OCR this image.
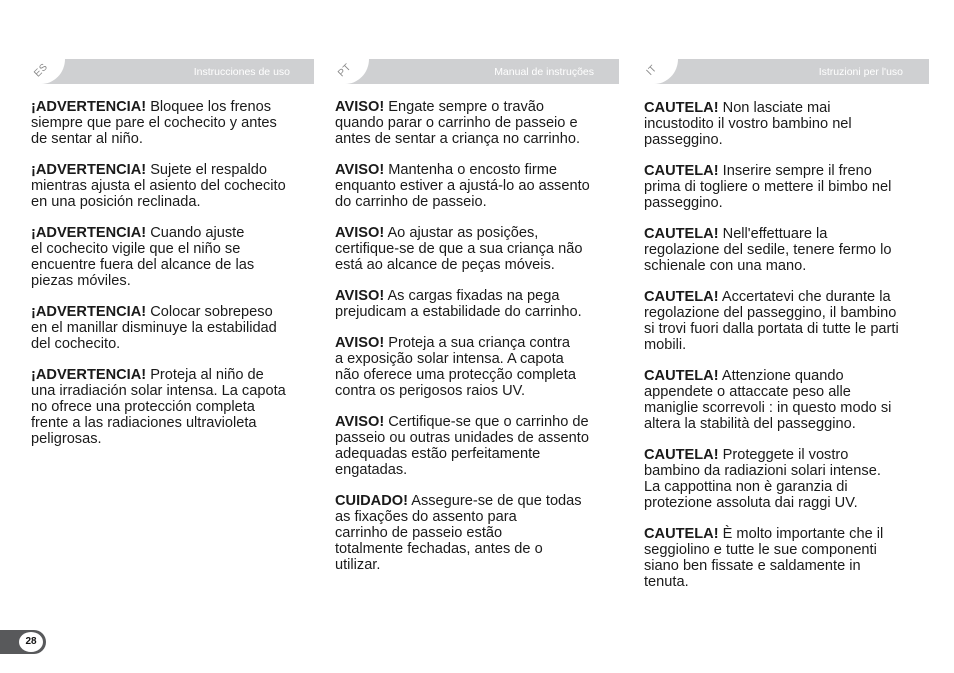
ES	Instrucciones de uso
¡ADVERTENCIA! Bloquee los frenos
siempre que pare el cochecito y antes
de sentar al niño.
¡ADVERTENCIA! Sujete el respaldo
mientras ajusta el asiento del cochecito
en una posición reclinada.
¡ADVERTENCIA! Cuando ajuste
el cochecito vigile que el niño se
encuentre fuera del alcance de las
piezas móviles.
¡ADVERTENCIA! Colocar sobrepeso
en el manillar disminuye la estabilidad
del cochecito.
¡ADVERTENCIA! Proteja al niño de
una irradiación solar intensa. La capota
no ofrece una protección completa
frente a las radiaciones ultravioleta
peligrosas.
PT	Manual de instruções
AVISO! Engate sempre o travão
quando parar o carrinho de passeio e
antes de sentar a criança no carrinho.
AVISO! Mantenha o encosto firme
enquanto estiver a ajustá-lo ao assento
do carrinho de passeio.
AVISO! Ao ajustar as posições,
certifique-se de que a sua criança não
está ao alcance de peças móveis.
AVISO! As cargas fixadas na pega
prejudicam a estabilidade do carrinho.
AVISO! Proteja a sua criança contra
a exposição solar intensa. A capota
não oferece uma protecção completa
contra os perigosos raios UV.
AVISO! Certifique-se que o carrinho de
passeio ou outras unidades de assento
adequadas estão perfeitamente
engatadas.
CUIDADO! Assegure-se de que todas
as fixações do assento para
carrinho de passeio estão
totalmente fechadas, antes de o
utilizar.
IT	Istruzioni per l'uso
CAUTELA! Non lasciate mai
incustodito il vostro bambino nel
passeggino.
CAUTELA! Inserire sempre il freno
prima di togliere o mettere il bimbo nel
passeggino.
CAUTELA! Nell'effettuare la
regolazione del sedile, tenere fermo lo
schienale con una mano.
CAUTELA! Accertatevi che durante la
regolazione del passeggino, il bambino
si trovi fuori dalla portata di tutte le parti
mobili.
CAUTELA! Attenzione quando
appendete o attaccate peso alle
maniglie scorrevoli : in questo modo si
altera la stabilità del passeggino.
CAUTELA! Proteggete il vostro
bambino da radiazioni solari intense.
La cappottina non è garanzia di
protezione assoluta dai raggi UV.
CAUTELA! È molto importante che il
seggiolino e tutte le sue componenti
siano ben fissate e saldamente in
tenuta.
28
